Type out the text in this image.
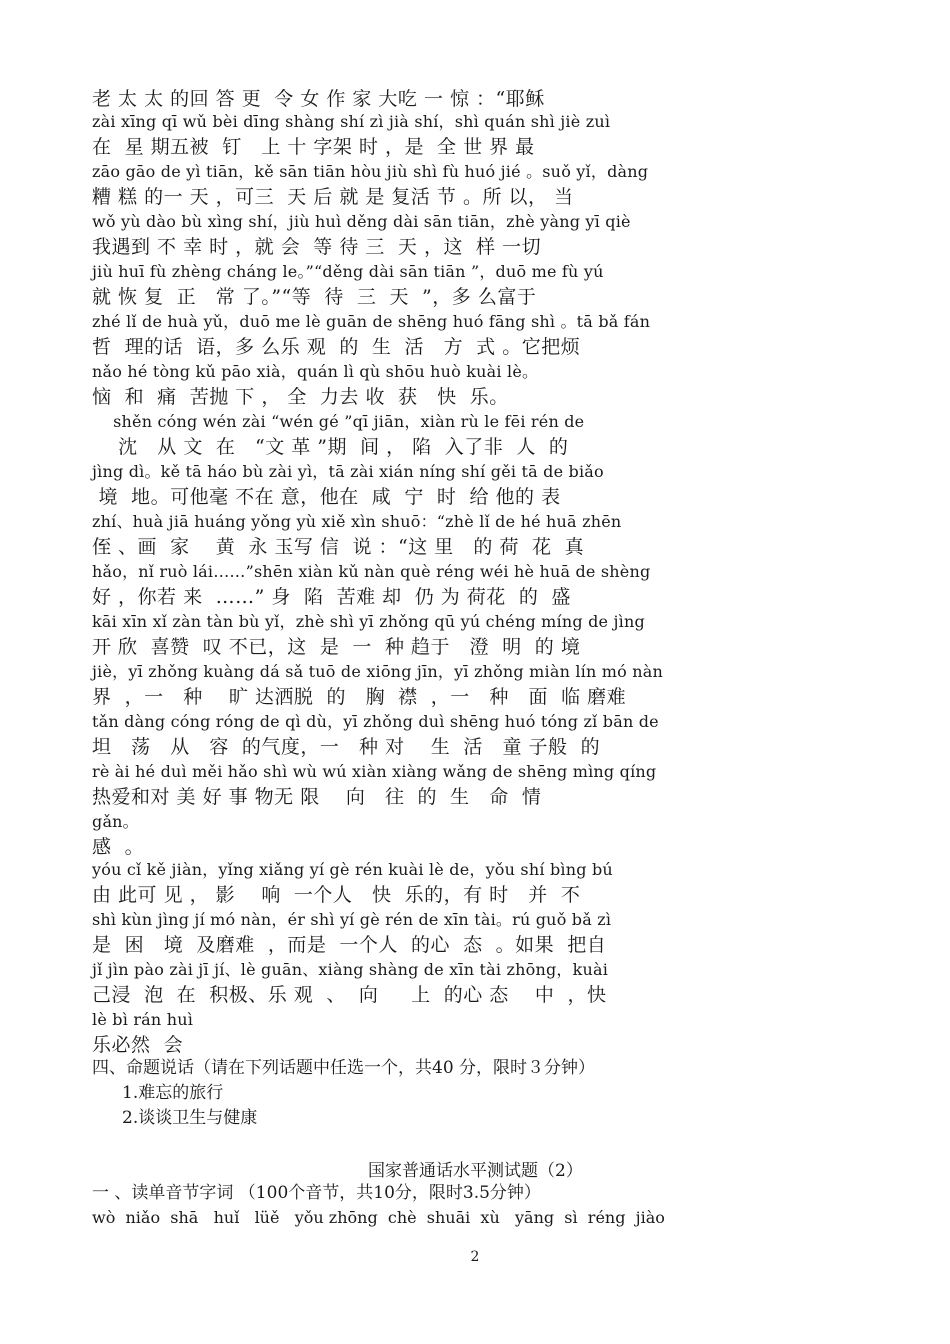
老 太 太 的回 答 更  令 女 作 家 大吃 一 惊 ：“耶稣
zài xīng qī wǔ bèi dīng shàng shí zì jià shí，shì quán shì jiè zuì
在  星 期五被  钉   上 十 字架 时 ，是  全 世 界 最
zāo gāo de yì tiān，kě sān tiān hòu jiù shì fù huó jié 。suǒ yǐ，dàng
糟 糕 的一 天 ，可三  天 后 就 是 复活 节 。所 以， 当
wǒ yù dào bù xìng shí，jiù huì děng dài sān tiān，zhè yàng yī qiè
我遇到 不 幸 时 ，就 会  等 待 三  天 ，这  样 一切
jiù huī fù zhèng cháng le。”“děng dài sān tiān ”，duō me fù yú
就 恢 复  正   常 了。”“等  待  三  天  ”，多 么富于
zhé lǐ de huà yǔ，duō me lè guān de shēng huó fāng shì 。tā bǎ fán
哲  理的话  语，多 么乐 观  的  生  活   方  式 。它把烦
nǎo hé tòng kǔ pāo xià，quán lì qù shōu huò kuài lè。
恼  和  痛  苦抛 下 ， 全  力去 收  获   快  乐。
shěn cóng wén zài “wén gé ”qī jiān，xiàn rù le fēi rén de
沈   从 文  在   “文 革 ”期  间 ， 陷  入了非  人  的
jìng dì。kě tā háo bù zài yì，tā zài xián níng shí gěi tā de biǎo
境  地。可他毫 不在 意，他在  咸  宁  时  给 他的 表
zhí、huà jiā huáng yǒng yù xiě xìn shuō：“zhè lǐ de hé huā zhēn
侄 、画  家    黄  永 玉写 信  说 ：“这 里   的 荷  花  真
hǎo，nǐ ruò lái……”shēn xiàn kǔ nàn què réng wéi hè huā de shèng
好 ，你若 来  ……” 身  陷  苦难 却  仍 为 荷花  的  盛
kāi xīn xǐ zàn tàn bù yǐ，zhè shì yī zhǒng qū yú chéng míng de jìng
开 欣  喜赞  叹 不已，这  是  一  种 趋于   澄  明  的 境
jiè，yī zhǒng kuàng dá sǎ tuō de xiōng jīn，yī zhǒng miàn lín mó nàn
界  ，一   种    旷 达洒脱  的   胸  襟  ，一   种   面  临 磨难
tǎn dàng cóng róng de qì dù，yī zhǒng duì shēng huó tóng zǐ bān de
坦   荡   从   容  的气度，一   种 对    生  活   童 子般  的
rè ài hé duì měi hǎo shì wù wú xiàn xiàng wǎng de shēng mìng qíng
热爱和对 美 好 事 物无 限    向   往  的  生   命  情
gǎn。
感  。
yóu cǐ kě jiàn，yǐng xiǎng yí gè rén kuài lè de，yǒu shí bìng bú
由 此可 见 ， 影    响  一个人   快  乐的，有 时   并  不
shì kùn jìng jí mó nàn，ér shì yí gè rén de xīn tài。rú guǒ bǎ zì
是  困   境  及磨难  ，而是  一个人  的心  态  。如果  把自
jǐ jìn pào zài jī jí、lè guān、xiàng shàng de xīn tài zhōng，kuài
己浸  泡  在  积极、乐 观  、  向     上  的心 态    中  ，快
lè bì rán huì
乐必然  会
四、命题说话（请在下列话题中任选一个，共40 分，限时３分钟）
1.难忘的旅行
2.谈谈卫生与健康
国家普通话水平测试题（2）
一 、读单音节字词 （100个音节，共10分，限时3.5分钟）
wò  niǎo  shā   huǐ   lüě   yǒu zhōng  chè  shuāi  xù   yāng  sì  réng  jiào
2
